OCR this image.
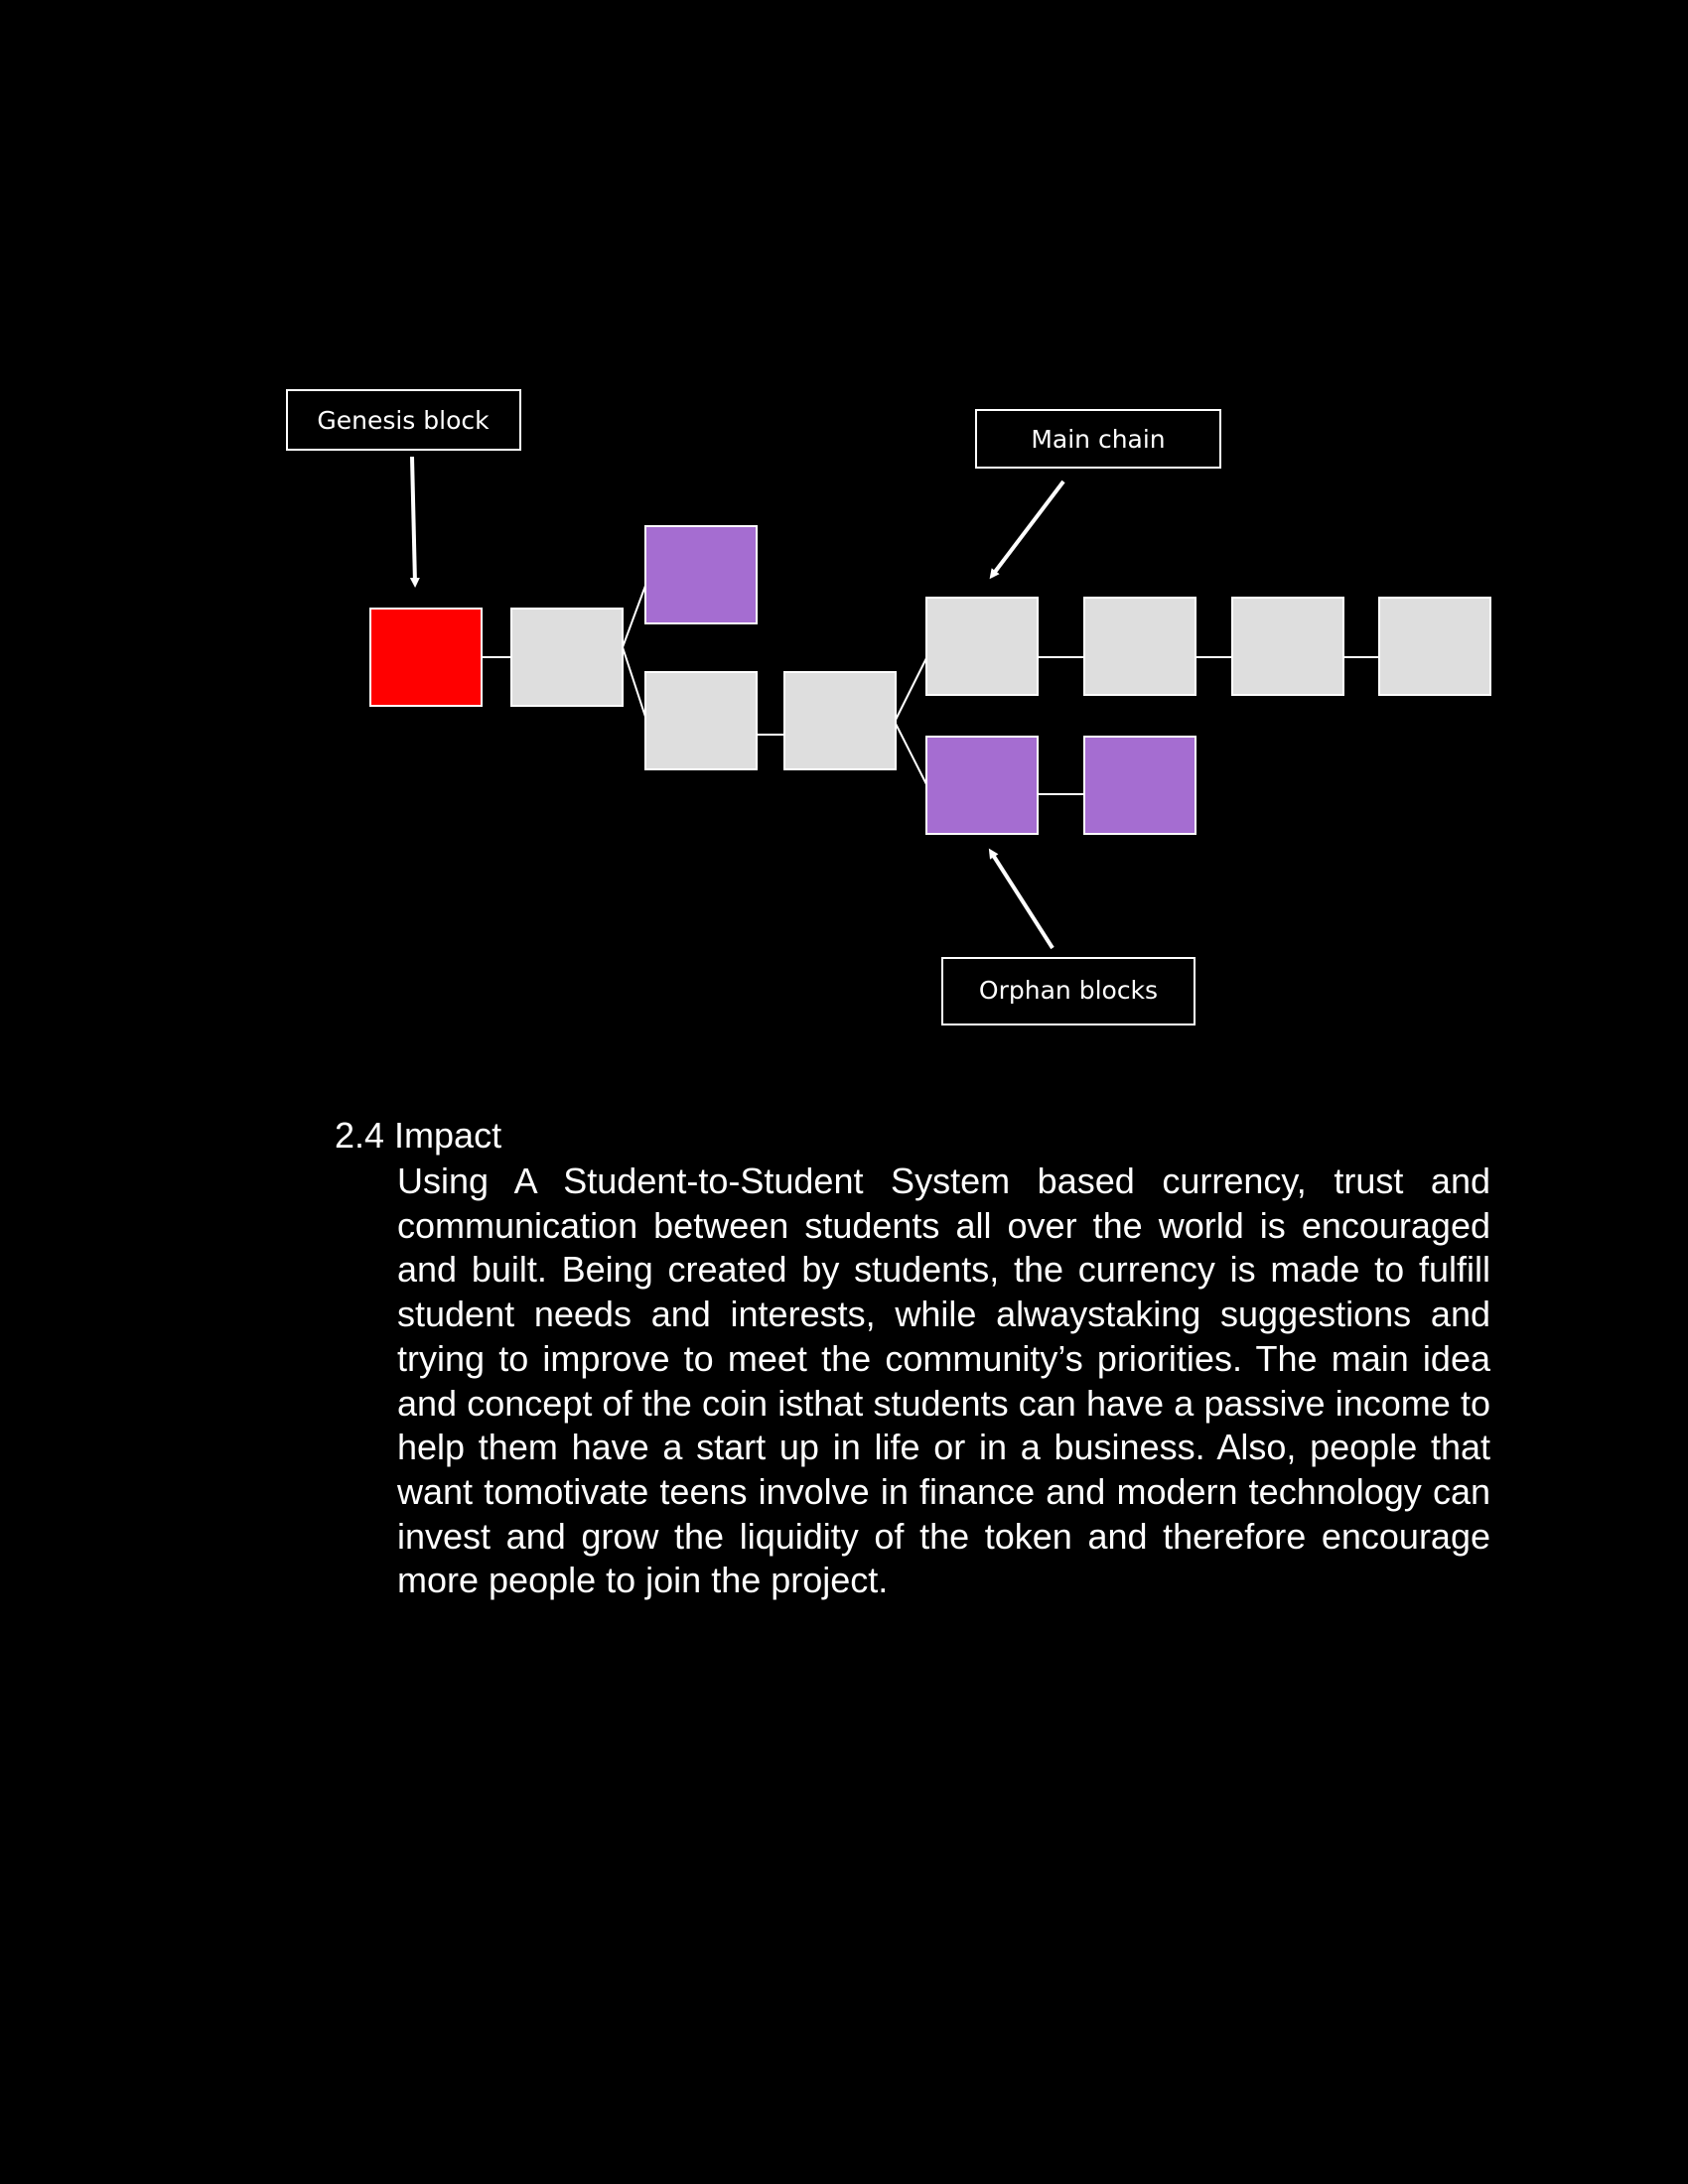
Genesis block
Main chain
Orphan blocks
2.4 Impact

Using A Student-to-Student System based currency, trust and communication between students all over the world is encouraged and built. Being created by students, the currency is made to fulfill student needs and interests, while alwaystaking suggestions and trying to improve to meet the community’s priorities. The main idea and concept of the coin isthat students can have a passive income to help them have a start up in life or in a business. Also, people that want tomotivate teens involve in finance and modern technology can invest and grow the liquidity of the token and therefore encourage more people to join the project.
